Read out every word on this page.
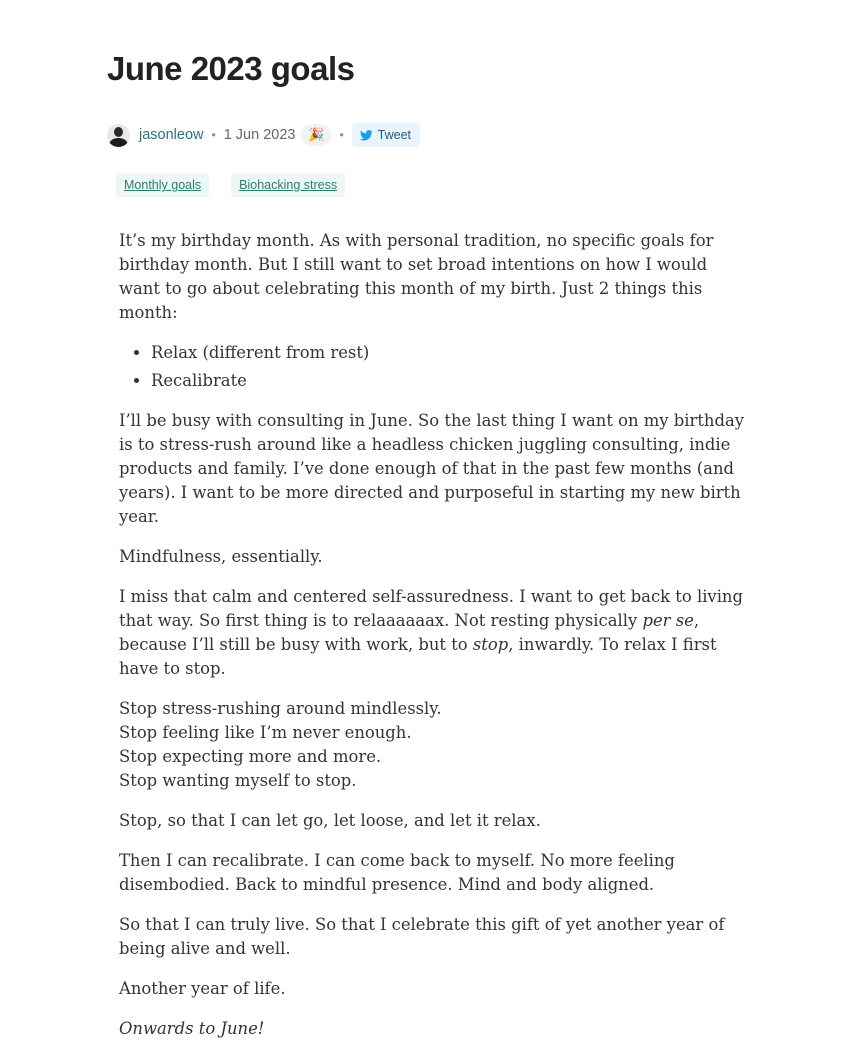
June 2023 goals
jasonleow • 1 Jun 2023 🎉 •	Tweet
Monthly goals	Biohacking stress

It’s my birthday month. As with personal tradition, no specific goals for birthday month. But I still want to set broad intentions on how I would want to go about celebrating this month of my birth. Just 2 things this month:

• Relax (different from rest)
• Recalibrate

I’ll be busy with consulting in June. So the last thing I want on my birthday is to stress-rush around like a headless chicken juggling consulting, indie products and family. I’ve done enough of that in the past few months (and years). I want to be more directed and purposeful in starting my new birth year.

Mindfulness, essentially.

I miss that calm and centered self-assuredness. I want to get back to living that way. So first thing is to relaaaaaax. Not resting physically per se, because I’ll still be busy with work, but to stop, inwardly. To relax I first have to stop.

Stop stress-rushing around mindlessly.
Stop feeling like I’m never enough.
Stop expecting more and more.
Stop wanting myself to stop.

Stop, so that I can let go, let loose, and let it relax.

Then I can recalibrate. I can come back to myself. No more feeling disembodied. Back to mindful presence. Mind and body aligned.

So that I can truly live. So that I celebrate this gift of yet another year of being alive and well.

Another year of life.

Onwards to June!
